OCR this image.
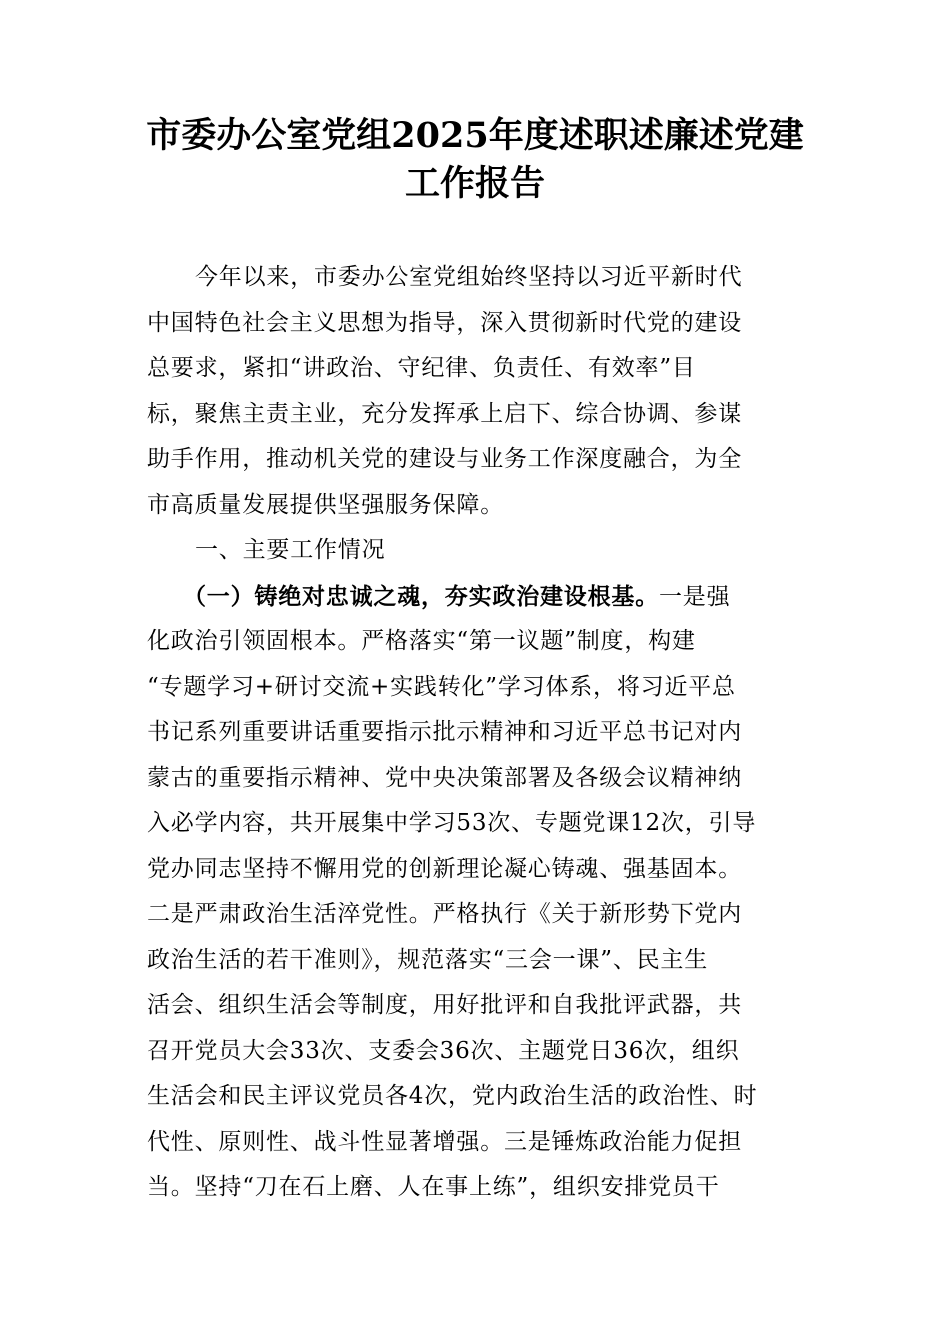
市委办公室党组2025年度述职述廉述党建
工作报告
今年以来，市委办公室党组始终坚持以习近平新时代
中国特色社会主义思想为指导，深入贯彻新时代党的建设
总要求，紧扣“讲政治、守纪律、负责任、有效率”目
标，聚焦主责主业，充分发挥承上启下、综合协调、参谋
助手作用，推动机关党的建设与业务工作深度融合，为全
市高质量发展提供坚强服务保障。
一、主要工作情况
（一）铸绝对忠诚之魂，夯实政治建设根基。一是强
化政治引领固根本。严格落实“第一议题”制度，构建
“专题学习+研讨交流+实践转化”学习体系，将习近平总
书记系列重要讲话重要指示批示精神和习近平总书记对内
蒙古的重要指示精神、党中央决策部署及各级会议精神纳
入必学内容，共开展集中学习53次、专题党课12次，引导
党办同志坚持不懈用党的创新理论凝心铸魂、强基固本。
二是严肃政治生活淬党性。严格执行《关于新形势下党内
政治生活的若干准则》，规范落实“三会一课”、民主生
活会、组织生活会等制度，用好批评和自我批评武器，共
召开党员大会33次、支委会36次、主题党日36次，组织
生活会和民主评议党员各4次，党内政治生活的政治性、时
代性、原则性、战斗性显著增强。三是锤炼政治能力促担
当。坚持“刀在石上磨、人在事上练”，组织安排党员干
